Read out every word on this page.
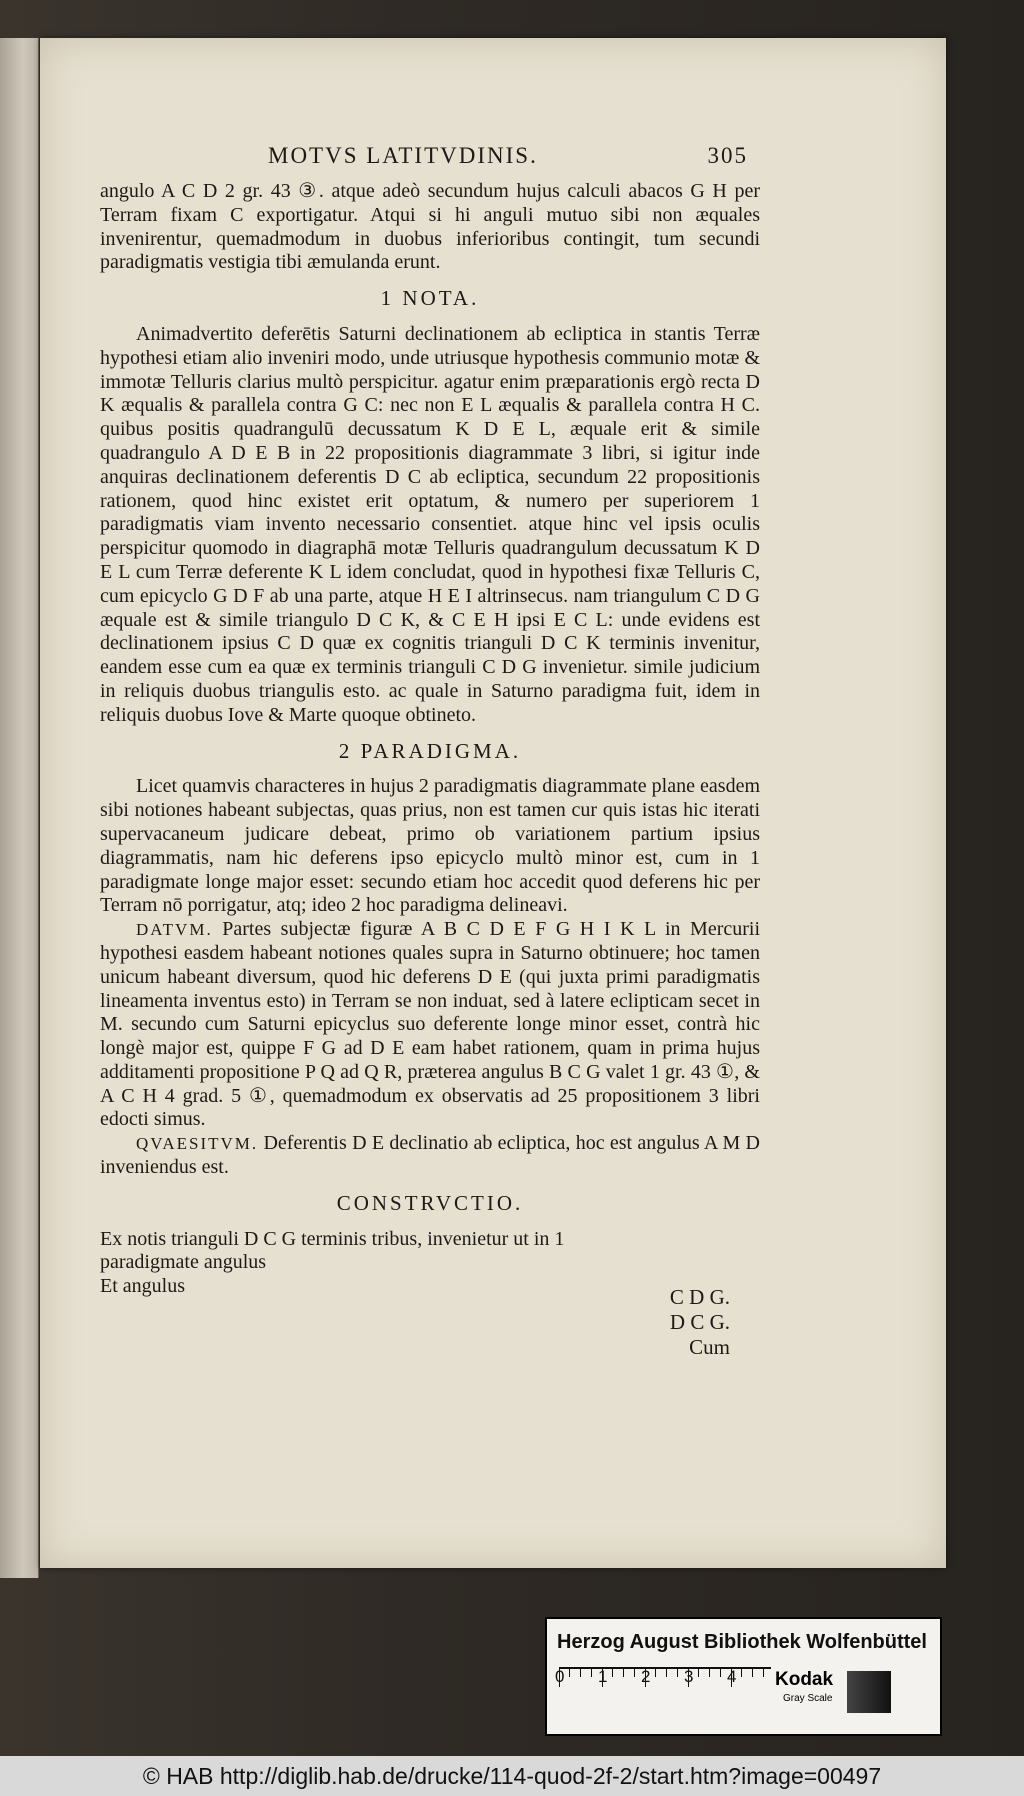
MOTVS LATITVDINIS.	305

angulo A C D 2 gr. 43 ③. atque adeò secundum hujus calculi abacos G H per Terram fixam C exportigatur. Atqui si hi anguli mutuo sibi non æquales invenirentur, quemadmodum in duobus inferioribus contingit, tum secundi paradigmatis vestigia tibi æmulanda erunt.

1 NOTA.

Animadvertito deferētis Saturni declinationem ab ecliptica in stantis Terræ hypothesi etiam alio inveniri modo, unde utriusque hypothesis communio motæ & immotæ Telluris clarius multò perspicitur. agatur enim præparationis ergò recta D K æqualis & parallela contra G C: nec non E L æqualis & parallela contra H C. quibus positis quadrangulū decussatum K D E L, æquale erit & simile quadrangulo A D E B in 22 propositionis diagrammate 3 libri, si igitur inde anquiras declinationem deferentis D C ab ecliptica, secundum 22 propositionis rationem, quod hinc existet erit optatum, & numero per superiorem 1 paradigmatis viam invento necessario consentiet. atque hinc vel ipsis oculis perspicitur quomodo in diagraphā motæ Telluris quadrangulum decussatum K D E L cum Terræ deferente K L idem concludat, quod in hypothesi fixæ Telluris C, cum epicyclo G D F ab una parte, atque H E I altrinsecus. nam triangulum C D G æquale est & simile triangulo D C K, & C E H ipsi E C L: unde evidens est declinationem ipsius C D quæ ex cognitis trianguli D C K terminis invenitur, eandem esse cum ea quæ ex terminis trianguli C D G invenietur. simile judicium in reliquis duobus triangulis esto. ac quale in Saturno paradigma fuit, idem in reliquis duobus Iove & Marte quoque obtineto.

2 PARADIGMA.

Licet quamvis characteres in hujus 2 paradigmatis diagrammate plane easdem sibi notiones habeant subjectas, quas prius, non est tamen cur quis istas hic iterati supervacaneum judicare debeat, primo ob variationem partium ipsius diagrammatis, nam hic deferens ipso epicyclo multò minor est, cum in 1 paradigmate longe major esset: secundo etiam hoc accedit quod deferens hic per Terram nō porrigatur, atq; ideo 2 hoc paradigma delineavi.

DATVM. Partes subjectæ figuræ A B C D E F G H I K L in Mercurii hypothesi easdem habeant notiones quales supra in Saturno obtinuere; hoc tamen unicum habeant diversum, quod hic deferens D E (qui juxta primi paradigmatis lineamenta inventus esto) in Terram se non induat, sed à latere eclipticam secet in M. secundo cum Saturni epicyclus suo deferente longe minor esset, contrà hic longè major est, quippe F G ad D E eam habet rationem, quam in prima hujus additamenti propositione P Q ad Q R, præterea angulus B C G valet 1 gr. 43 ①, & A C H 4 grad. 5 ①, quemadmodum ex observatis ad 25 propositionem 3 libri edocti simus.

QVAESITVM. Deferentis D E declinatio ab ecliptica, hoc est angulus A M D inveniendus est.

CONSTRVCTIO.

Ex notis trianguli D C G terminis tribus, invenietur ut in 1 paradigmate angulus

Et angulus	C D G.
D C G.
Cum
Herzog August Bibliothek Wolfenbüttel
0 1 2 3 4 Kodak
Gray Scale
© HAB http://diglib.hab.de/drucke/114-quod-2f-2/start.htm?image=00497
